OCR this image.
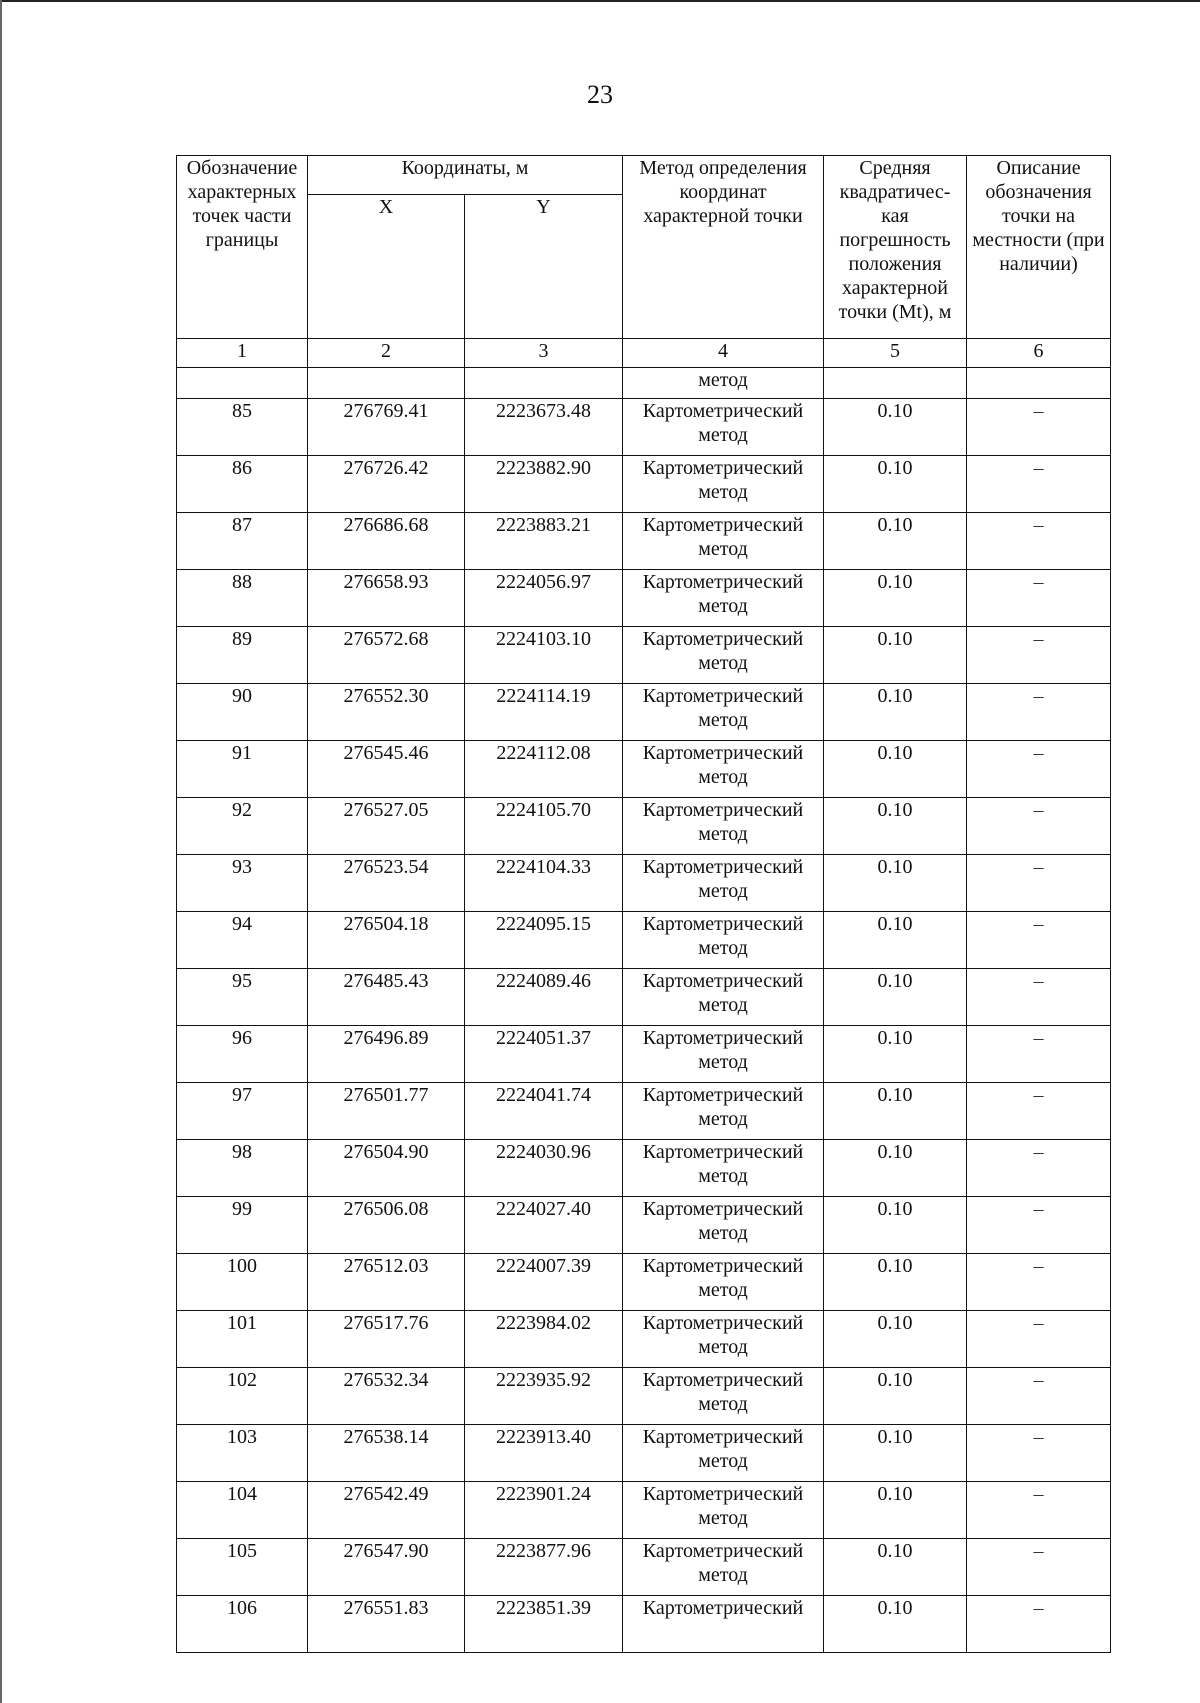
23
Обозначение характерных точек части границы	Координаты, м		Метод определения координат характерной точки	Средняя квадратичес-кая погрешность положения характерной точки (Mt), м	Описание обозначения точки на местности (при наличии)
	X	Y			
1	2	3	4	5	6
			метод		
85	276769.41	2223673.48	Картометрический метод	0.10	–
86	276726.42	2223882.90	Картометрический метод	0.10	–
87	276686.68	2223883.21	Картометрический метод	0.10	–
88	276658.93	2224056.97	Картометрический метод	0.10	–
89	276572.68	2224103.10	Картометрический метод	0.10	–
90	276552.30	2224114.19	Картометрический метод	0.10	–
91	276545.46	2224112.08	Картометрический метод	0.10	–
92	276527.05	2224105.70	Картометрический метод	0.10	–
93	276523.54	2224104.33	Картометрический метод	0.10	–
94	276504.18	2224095.15	Картометрический метод	0.10	–
95	276485.43	2224089.46	Картометрический метод	0.10	–
96	276496.89	2224051.37	Картометрический метод	0.10	–
97	276501.77	2224041.74	Картометрический метод	0.10	–
98	276504.90	2224030.96	Картометрический метод	0.10	–
99	276506.08	2224027.40	Картометрический метод	0.10	–
100	276512.03	2224007.39	Картометрический метод	0.10	–
101	276517.76	2223984.02	Картометрический метод	0.10	–
102	276532.34	2223935.92	Картометрический метод	0.10	–
103	276538.14	2223913.40	Картометрический метод	0.10	–
104	276542.49	2223901.24	Картометрический метод	0.10	–
105	276547.90	2223877.96	Картометрический метод	0.10	–
106	276551.83	2223851.39	Картометрический	0.10	–
